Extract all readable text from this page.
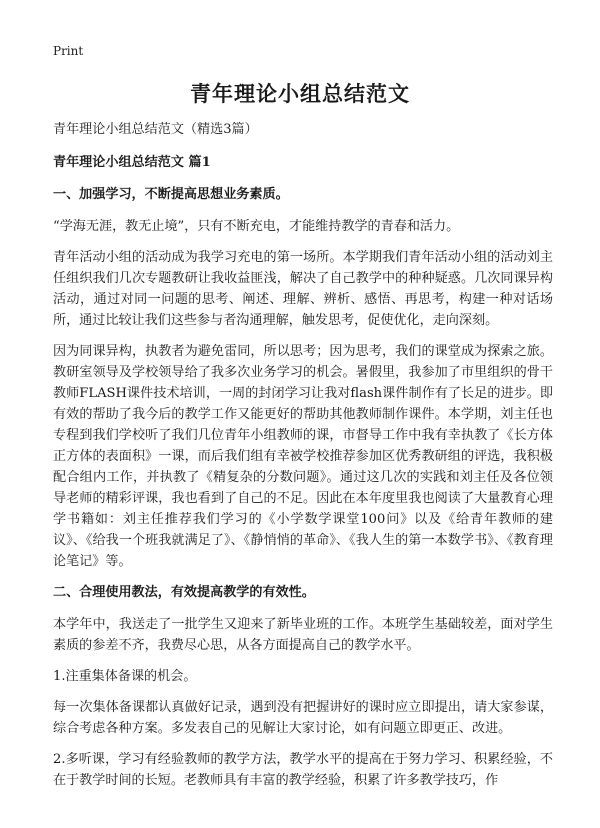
Print
青年理论小组总结范文

青年理论小组总结范文（精选3篇）

青年理论小组总结范文 篇1

一、加强学习，不断提高思想业务素质。

“学海无涯，教无止境”，只有不断充电，才能维持教学的青春和活力。

青年活动小组的活动成为我学习充电的第一场所。本学期我们青年活动小组的活动刘主任组织我们几次专题教研让我收益匪浅，解决了自己教学中的种种疑惑。几次同课异构活动，通过对同一问题的思考、阐述、理解、辨析、感悟、再思考，构建一种对话场所，通过比较让我们这些参与者沟通理解，触发思考，促使优化，走向深刻。

因为同课异构，执教者为避免雷同，所以思考；因为思考，我们的课堂成为探索之旅。教研室领导及学校领导给了我多次业务学习的机会。暑假里，我参加了市里组织的骨干教师FLASH课件技术培训，一周的封闭学习让我对flash课件制作有了长足的进步。即有效的帮助了我今后的教学工作又能更好的帮助其他教师制作课件。本学期，刘主任也专程到我们学校听了我们几位青年小组教师的课，市督导工作中我有幸执教了《长方体正方体的表面积》一课，而后我们组有幸被学校推荐参加区优秀教研组的评选，我积极配合组内工作，并执教了《精复杂的分数问题》。通过这几次的实践和刘主任及各位领导老师的精彩评课，我也看到了自己的不足。因此在本年度里我也阅读了大量教育心理学书籍如：刘主任推荐我们学习的《小学数学课堂100问》以及《给青年教师的建议》、《给我一个班我就满足了》、《静悄悄的革命》、《我人生的第一本数学书》、《教育理论笔记》等。

二、合理使用教法，有效提高教学的有效性。

本学年中，我送走了一批学生又迎来了新毕业班的工作。本班学生基础较差，面对学生素质的参差不齐，我费尽心思，从各方面提高自己的教学水平。

1.注重集体备课的机会。

每一次集体备课都认真做好记录，遇到没有把握讲好的课时应立即提出，请大家参谋，综合考虑各种方案。多发表自己的见解让大家讨论，如有问题立即更正、改进。

2.多听课，学习有经验教师的教学方法，教学水平的提高在于努力学习、积累经验，不在于教学时间的长短。老教师具有丰富的教学经验，积累了许多教学技巧，作
